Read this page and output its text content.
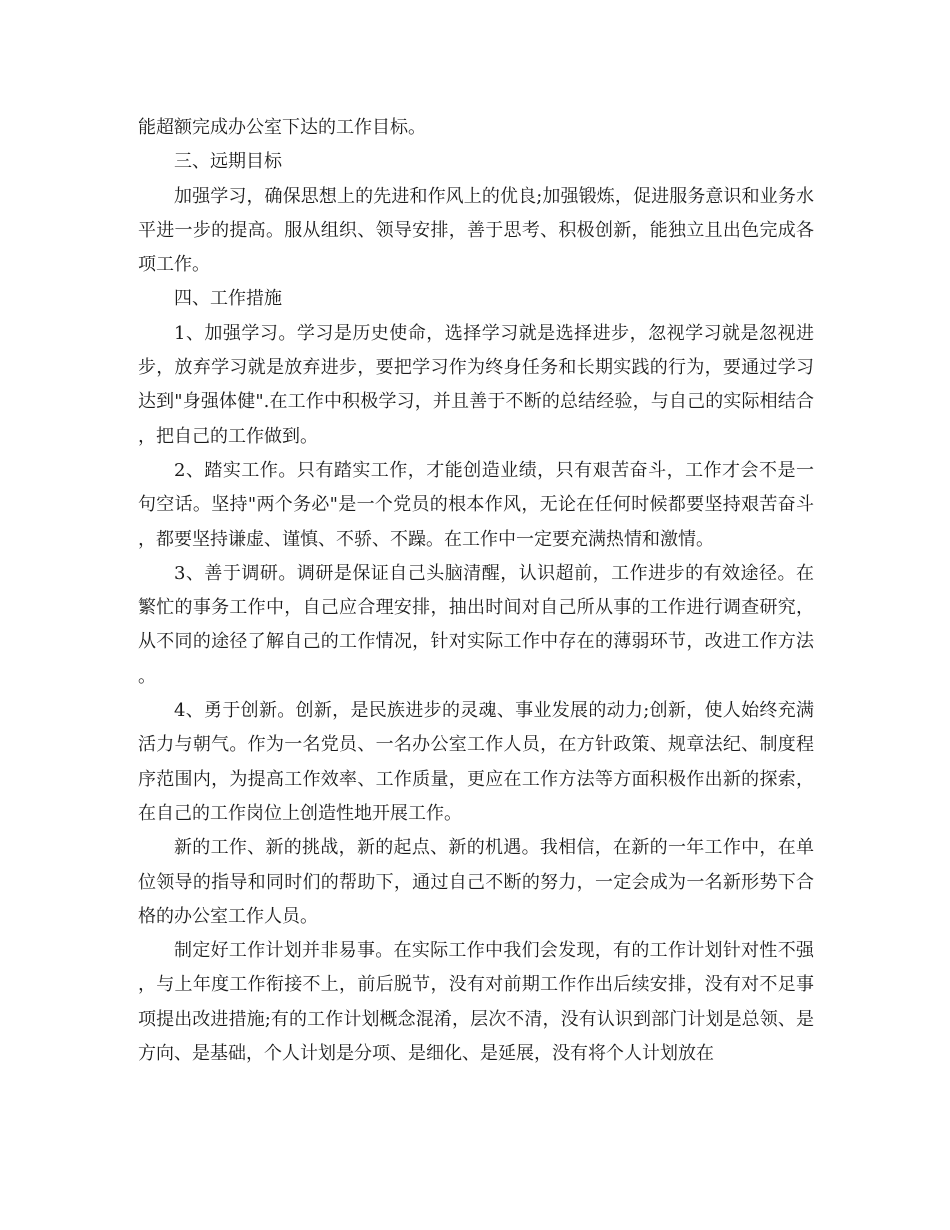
能超额完成办公室下达的工作目标。

三、远期目标

加强学习，确保思想上的先进和作风上的优良;加强锻炼，促进服务意识和业务水平进一步的提高。服从组织、领导安排，善于思考、积极创新，能独立且出色完成各项工作。

四、工作措施

1、加强学习。学习是历史使命，选择学习就是选择进步，忽视学习就是忽视进步，放弃学习就是放弃进步，要把学习作为终身任务和长期实践的行为，要通过学习达到"身强体健".在工作中积极学习，并且善于不断的总结经验，与自己的实际相结合，把自己的工作做到。

2、踏实工作。只有踏实工作，才能创造业绩，只有艰苦奋斗，工作才会不是一句空话。坚持"两个务必"是一个党员的根本作风，无论在任何时候都要坚持艰苦奋斗，都要坚持谦虚、谨慎、不骄、不躁。在工作中一定要充满热情和激情。

3、善于调研。调研是保证自己头脑清醒，认识超前，工作进步的有效途径。在繁忙的事务工作中，自己应合理安排，抽出时间对自己所从事的工作进行调查研究，从不同的途径了解自己的工作情况，针对实际工作中存在的薄弱环节，改进工作方法。

4、勇于创新。创新，是民族进步的灵魂、事业发展的动力;创新，使人始终充满活力与朝气。作为一名党员、一名办公室工作人员，在方针政策、规章法纪、制度程序范围内，为提高工作效率、工作质量，更应在工作方法等方面积极作出新的探索，在自己的工作岗位上创造性地开展工作。

新的工作、新的挑战，新的起点、新的机遇。我相信，在新的一年工作中，在单位领导的指导和同时们的帮助下，通过自己不断的努力，一定会成为一名新形势下合格的办公室工作人员。

制定好工作计划并非易事。在实际工作中我们会发现，有的工作计划针对性不强，与上年度工作衔接不上，前后脱节，没有对前期工作作出后续安排，没有对不足事项提出改进措施;有的工作计划概念混淆，层次不清，没有认识到部门计划是总领、是方向、是基础，个人计划是分项、是细化、是延展，没有将个人计划放在
